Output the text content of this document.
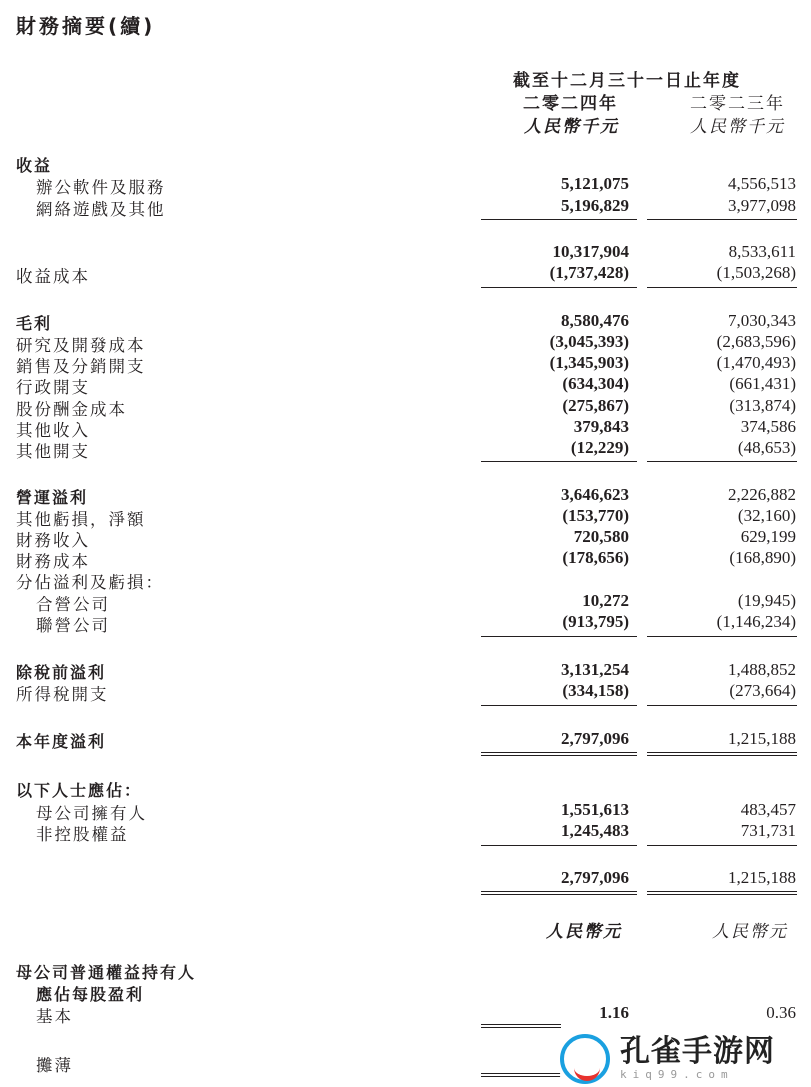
財務摘要(續)
截至十二月三十一日止年度
二零二四年	二零二三年
人民幣千元	人民幣千元
收益
辦公軟件及服務	5,121,075	4,556,513
網絡遊戲及其他	5,196,829	3,977,098
10,317,904	8,533,611
收益成本	(1,737,428)	(1,503,268)
毛利	8,580,476	7,030,343
研究及開發成本	(3,045,393)	(2,683,596)
銷售及分銷開支	(1,345,903)	(1,470,493)
行政開支	(634,304)	(661,431)
股份酬金成本	(275,867)	(313,874)
其他收入	379,843	374,586
其他開支	(12,229)	(48,653)
營運溢利	3,646,623	2,226,882
其他虧損，淨額	(153,770)	(32,160)
財務收入	720,580	629,199
財務成本	(178,656)	(168,890)
分佔溢利及虧損：
合營公司	10,272	(19,945)
聯營公司	(913,795)	(1,146,234)
除稅前溢利	3,131,254	1,488,852
所得稅開支	(334,158)	(273,664)
本年度溢利	2,797,096	1,215,188
以下人士應佔：
母公司擁有人	1,551,613	483,457
非控股權益	1,245,483	731,731
2,797,096	1,215,188
人民幣元	人民幣元
母公司普通權益持有人
應佔每股盈利
基本	1.16	0.36
攤薄	孔雀手游网
kiq99.com
